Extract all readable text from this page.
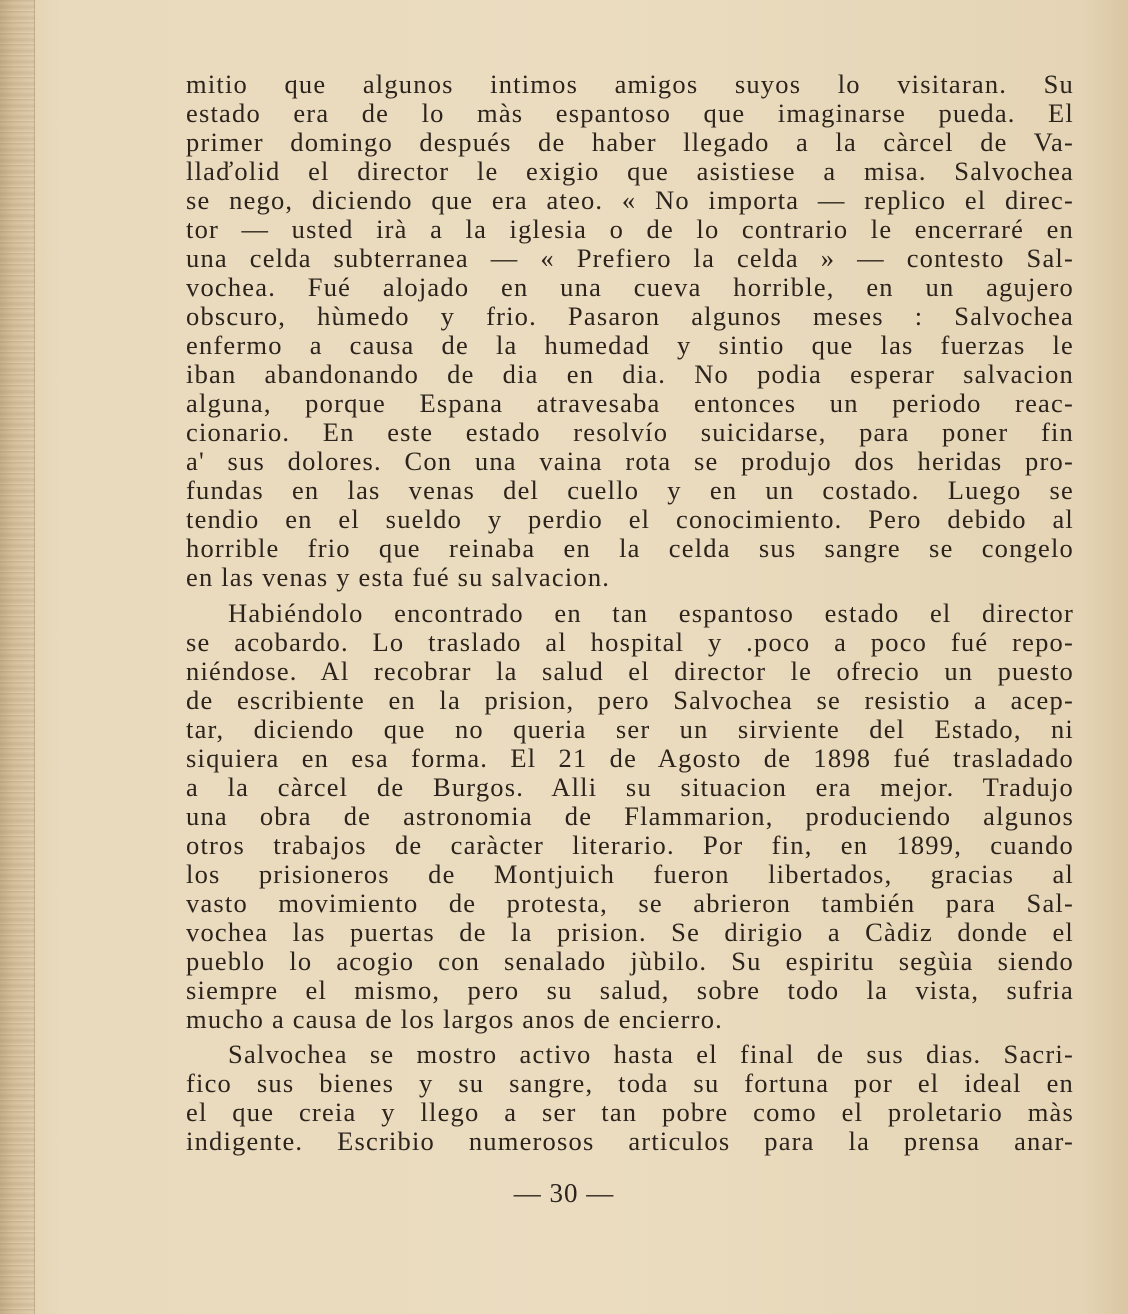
mitio que algunos intimos amigos suyos lo visitaran. Su
estado era de lo màs espantoso que imaginarse pueda. El
primer domingo después de haber llegado a la càrcel de Va-
llaďolid el director le exigio que asistiese a misa. Salvochea
se nego, diciendo que era ateo. « No importa — replico el direc-
tor — usted irà a la iglesia o de lo contrario le encerraré en
una celda subterranea — « Prefiero la celda » — contesto Sal-
vochea. Fué alojado en una cueva horrible, en un agujero
obscuro, hùmedo y frio. Pasaron algunos meses : Salvochea
enfermo a causa de la humedad y sintio que las fuerzas le
iban abandonando de dia en dia. No podia esperar salvacion
alguna, porque Espana atravesaba entonces un periodo reac-
cionario. En este estado resolvío suicidarse, para poner fin
a' sus dolores. Con una vaina rota se produjo dos heridas pro-
fundas en las venas del cuello y en un costado. Luego se
tendio en el sueldo y perdio el conocimiento. Pero debido al
horrible frio que reinaba en la celda sus sangre se congelo
en las venas y esta fué su salvacion.
Habiéndolo encontrado en tan espantoso estado el director
se acobardo. Lo traslado al hospital y .poco a poco fué repo-
niéndose. Al recobrar la salud el director le ofrecio un puesto
de escribiente en la prision, pero Salvochea se resistio a acep-
tar, diciendo que no queria ser un sirviente del Estado, ni
siquiera en esa forma. El 21 de Agosto de 1898 fué trasladado
a la càrcel de Burgos. Alli su situacion era mejor. Tradujo
una obra de astronomia de Flammarion, produciendo algunos
otros trabajos de caràcter literario. Por fin, en 1899, cuando
los prisioneros de Montjuich fueron libertados, gracias al
vasto movimiento de protesta, se abrieron también para Sal-
vochea las puertas de la prision. Se dirigio a Càdiz donde el
pueblo lo acogio con senalado jùbilo. Su espiritu segùia siendo
siempre el mismo, pero su salud, sobre todo la vista, sufria
mucho a causa de los largos anos de encierro.
Salvochea se mostro activo hasta el final de sus dias. Sacri-
fico sus bienes y su sangre, toda su fortuna por el ideal en
el que creia y llego a ser tan pobre como el proletario màs
indigente. Escribio numerosos articulos para la prensa anar-
— 30 —
